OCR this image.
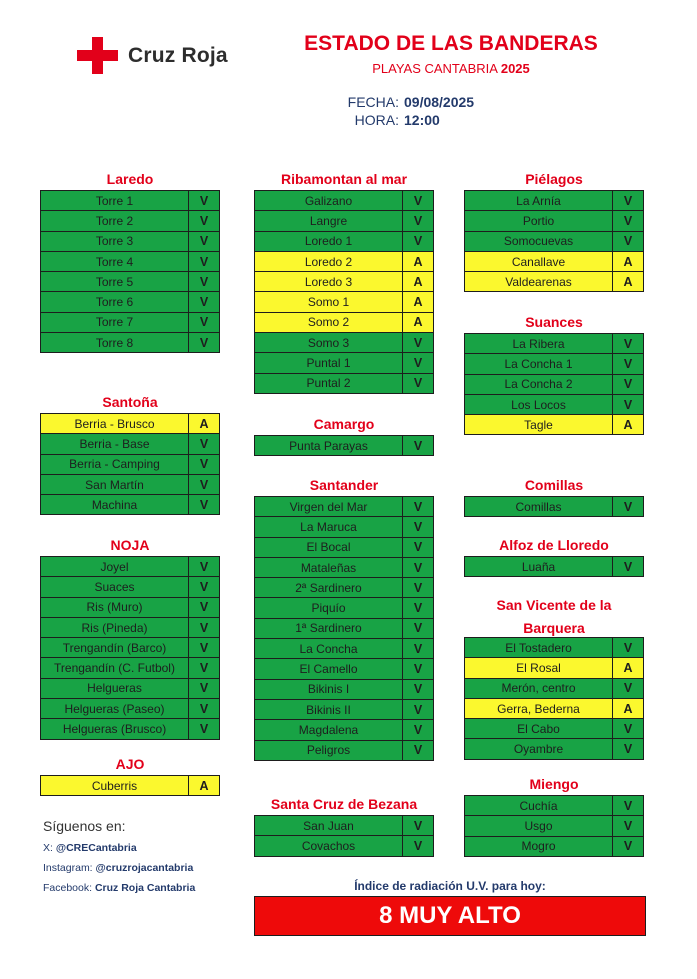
Cruz Roja	ESTADO DE LAS BANDERAS
PLAYAS CANTABRIA 2025
FECHA: 09/08/2025
HORA: 12:00
Laredo
Torre 1	V
Torre 2	V
Torre 3	V
Torre 4	V
Torre 5	V
Torre 6	V
Torre 7	V
Torre 8	V
Santoña
Berria - Brusco	A
Berria - Base	V
Berria - Camping	V
San Martín	V
Machina	V
NOJA
Joyel	V
Suaces	V
Ris (Muro)	V
Ris (Pineda)	V
Trengandín (Barco)	V
Trengandín (C. Futbol)	V
Helgueras	V
Helgueras (Paseo)	V
Helgueras (Brusco)	V
AJO
Cuberris	A
Ribamontan al mar
Galizano	V
Langre	V
Loredo 1	V
Loredo 2	A
Loredo 3	A
Somo 1	A
Somo 2	A
Somo 3	V
Puntal 1	V
Puntal 2	V
Camargo
Punta Parayas	V
Santander
Virgen del Mar	V
La Maruca	V
El Bocal	V
Mataleñas	V
2ª Sardinero	V
Piquío	V
1ª Sardinero	V
La Concha	V
El Camello	V
Bikinis I	V
Bikinis II	V
Magdalena	V
Peligros	V
Santa Cruz de Bezana
San Juan	V
Covachos	V
Piélagos
La Arnía	V
Portio	V
Somocuevas	V
Canallave	A
Valdearenas	A
Suances
La Ribera	V
La Concha 1	V
La Concha 2	V
Los Locos	V
Tagle	A
Comillas
Comillas	V
Alfoz de Lloredo
Luaña	V
San Vicente de la
Barquera
El Tostadero	V
El Rosal	A
Merón, centro	V
Gerra, Bederna	A
El Cabo	V
Oyambre	V
Miengo
Cuchía	V
Usgo	V
Mogro	V
Síguenos en:
X: @CRECantabria
Instagram: @cruzrojacantabria
Facebook: Cruz Roja Cantabria	Índice de radiación U.V. para hoy:
8 MUY ALTO
